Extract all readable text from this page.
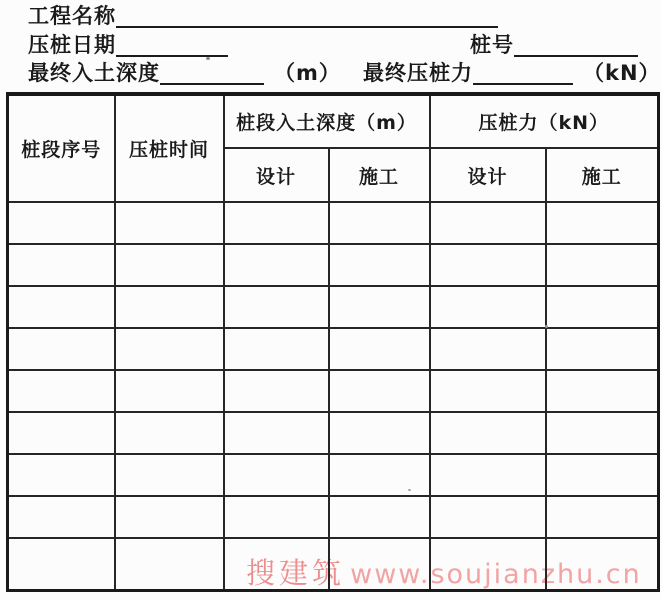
工程名称
压桩日期	桩号
最终入土深度	（m） 最终压桩力	（kN）
搜建筑 www.soujianzhu.cn
桩段序号	压桩时间	桩段入土深度（m）		压桩力（kN）	
		设计	施工	设计	施工
